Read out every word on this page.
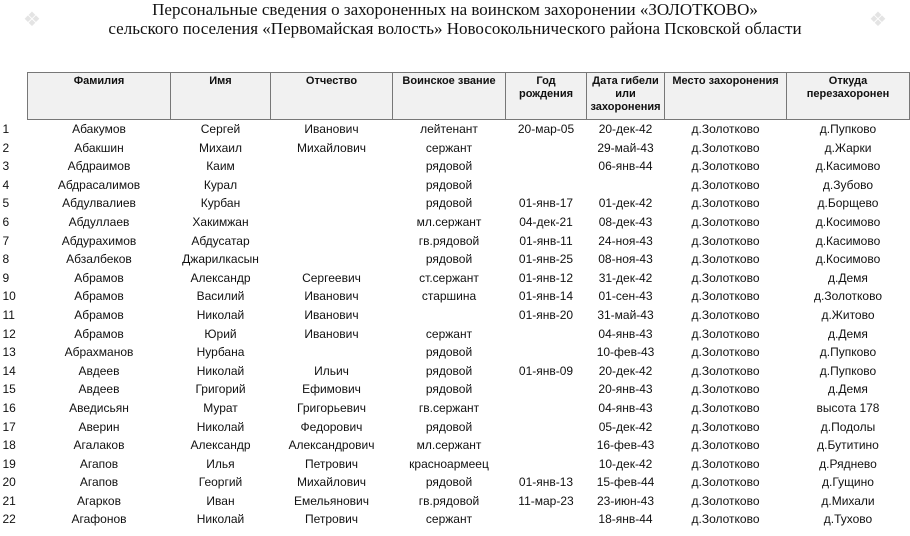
❖	❖
Персональные сведения о захороненных на воинском захоронении «ЗОЛОТКОВО»
сельского поселения «Первомайская волость» Новосокольнического района Псковской области
Фамилия	Имя	Отчество	Воинское звание	Год рождения	Дата гибели или захоронения	Место захоронения	Откуда перезахоронен

1 Абакумов	Сергей	Иванович	лейтенант	20-мар-05	20-дек-42	д.Золотково	д.Пупково

2 Абакшин	Михаил	Михайлович	сержант		29-май-43	д.Золотково	д.Жарки

3 Абдраимов	Каим		рядовой		06-янв-44	д.Золотково	д.Касимово

4 Абдрасалимов	Курал		рядовой			д.Золотково	д.Зубово

5 Абдулвалиев	Курбан		рядовой	01-янв-17	01-дек-42	д.Золотково	д.Борщево

6 Абдуллаев	Хакимжан		мл.сержант	04-дек-21	08-дек-43	д.Золотково	д.Косимово

7 Абдурахимов	Абдусатар		гв.рядовой	01-янв-11	24-ноя-43	д.Золотково	д.Касимово

8 Абзалбеков	Джарилкасын		рядовой	01-янв-25	08-ноя-43	д.Золотково	д.Косимово

9 Абрамов	Александр	Сергеевич	ст.сержант	01-янв-12	31-дек-42	д.Золотково	д.Демя

10 Абрамов	Василий	Иванович	старшина	01-янв-14	01-сен-43	д.Золотково	д.Золотково

11 Абрамов	Николай	Иванович		01-янв-20	31-май-43	д.Золотково	д.Житово

12 Абрамов	Юрий	Иванович	сержант		04-янв-43	д.Золотково	д.Демя

13 Абрахманов	Нурбана		рядовой		10-фев-43	д.Золотково	д.Пупково

14 Авдеев	Николай	Ильич	рядовой	01-янв-09	20-дек-42	д.Золотково	д.Пупково

15 Авдеев	Григорий	Ефимович	рядовой		20-янв-43	д.Золотково	д.Демя

16 Аведисьян	Мурат	Григорьевич	гв.сержант		04-янв-43	д.Золотково	высота 178

17 Аверин	Николай	Федорович	рядовой		05-дек-42	д.Золотково	д.Подолы

18 Агалаков	Александр	Александрович	мл.сержант		16-фев-43	д.Золотково	д.Бутитино

19 Агапов	Илья	Петрович	красноармеец		10-дек-42	д.Золотково	д.Ряднево

20 Агапов	Георгий	Михайлович	рядовой	01-янв-13	15-фев-44	д.Золотково	д.Гущино

21 Агарков	Иван	Емельянович	гв.рядовой	11-мар-23	23-июн-43	д.Золотково	д.Михали

22 Агафонов	Николай	Петрович	сержант		18-янв-44	д.Золотково	д.Тухово
